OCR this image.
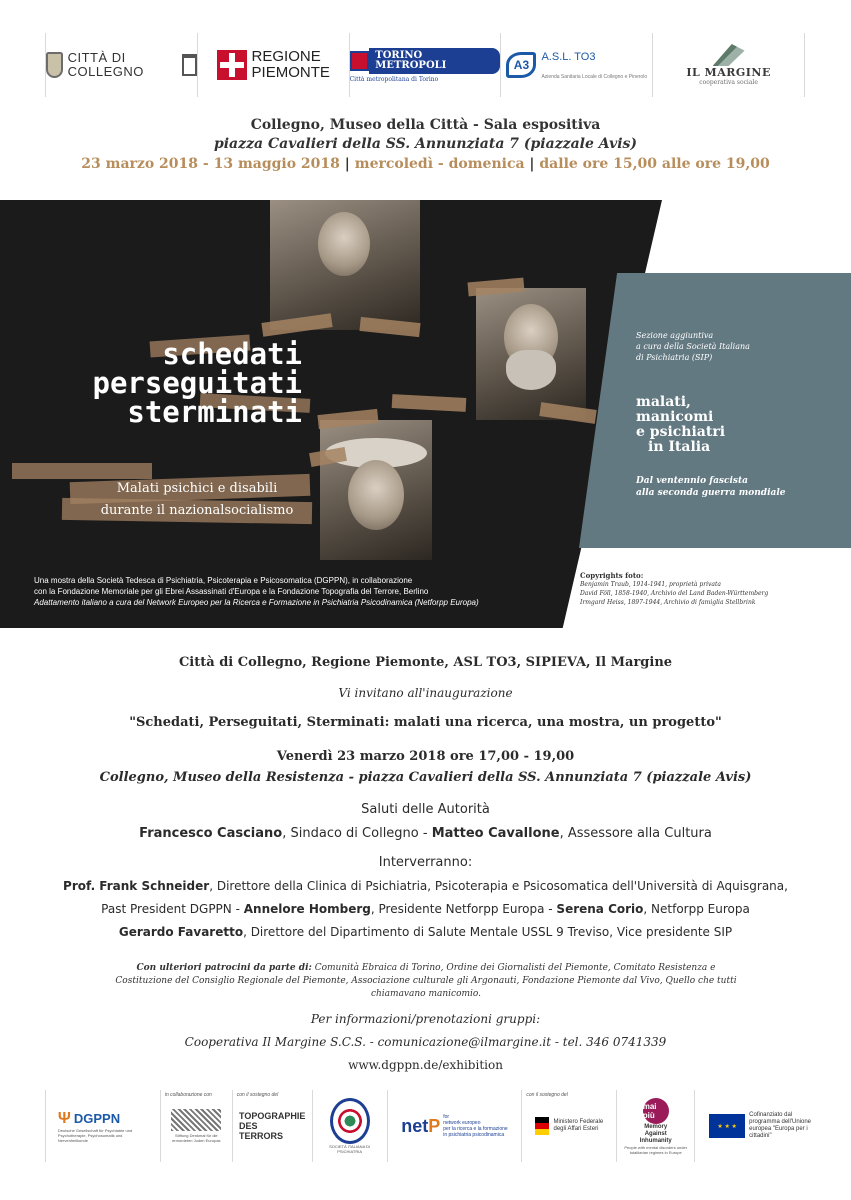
CITTÀ DI COLLEGNO
REGIONE
PIEMONTE
TORINO METROPOLI
Città metropolitana di Torino
A3
A.S.L. TO3
Azienda Sanitaria Locale di Collegno e Pinerolo	IL MARGINE
cooperativa sociale
Collegno, Museo della Città - Sala espositiva
piazza Cavalieri della SS. Annunziata 7 (piazzale Avis)
23 marzo 2018 - 13 maggio 2018 | mercoledì - domenica | dalle ore 15,00 alle ore 19,00
schedati
perseguitati
sterminati
Malati psichici e disabili
durante il nazionalsocialismo
Una mostra della Società Tedesca di Psichiatria, Psicoterapia e Psicosomatica (DGPPN), in collaborazione
con la Fondazione Memoriale per gli Ebrei Assassinati d'Europa e la Fondazione Topografia del Terrore, Berlino
Adattamento italiano a cura del Network Europeo per la Ricerca e Formazione in Psichiatria Psicodinamica (Netforpp Europa)
Sezione aggiuntiva
a cura della Società Italiana
di Psichiatria (SIP)
malati,
manicomi
e psichiatri
in Italia
Dal ventennio fascista
alla seconda guerra mondiale
Copyrights foto:
Benjamin Traub, 1914-1941, proprietà privata
David Föll, 1858-1940, Archivio del Land Baden-Württemberg
Irmgard Heiss, 1897-1944, Archivio di famiglia Stellbrink
Città di Collegno, Regione Piemonte, ASL TO3, SIPIEVA, Il Margine
Vi invitano all'inaugurazione
"Schedati, Perseguitati, Sterminati: malati una ricerca, una mostra, un progetto"
Venerdì 23 marzo 2018 ore 17,00 - 19,00
Collegno, Museo della Resistenza - piazza Cavalieri della SS. Annunziata 7 (piazzale Avis)
Saluti delle Autorità
Francesco Casciano, Sindaco di Collegno - Matteo Cavallone, Assessore alla Cultura
Interverranno:
Prof. Frank Schneider, Direttore della Clinica di Psichiatria, Psicoterapia e Psicosomatica dell'Università di Aquisgrana,
Past President DGPPN - Annelore Homberg, Presidente Netforpp Europa - Serena Corio, Netforpp Europa
Gerardo Favaretto, Direttore del Dipartimento di Salute Mentale USSL 9 Treviso, Vice presidente SIP
Con ulteriori patrocini da parte di: Comunità Ebraica di Torino, Ordine dei Giornalisti del Piemonte, Comitato Resistenza e Costituzione del Consiglio Regionale del Piemonte, Associazione culturale gli Argonauti, Fondazione Piemonte dal Vivo, Quello che tutti chiamavano manicomio.
Per informazioni/prenotazioni gruppi:
Cooperativa Il Margine S.C.S. - comunicazione@ilmargine.it - tel. 346 0741339
www.dgppn.de/exhibition
Ψ DGPPN
Deutsche Gesellschaft für Psychiatrie und Psychotherapie, Psychosomatik und Nervenheilkunde
in collaborazione con
Stiftung Denkmal für die ermordeten Juden Europas
con il sostegno del
TOPOGRAPHIE
DES
TERRORS
SOCIETÀ ITALIANA DI PSICHIATRIA
netP for
network europeo
per la ricerca e la formazione
in psichiatria psicodinamica
con il sostegno del
Ministero Federale
degli Affari Esteri
mai più
Memory
Against
Inhumanity
People with mental disorders under totalitarian regimes in Europe
★ ★ ★
Cofinanziato dal
programma dell'Unione
europea "Europa per i
cittadini"
